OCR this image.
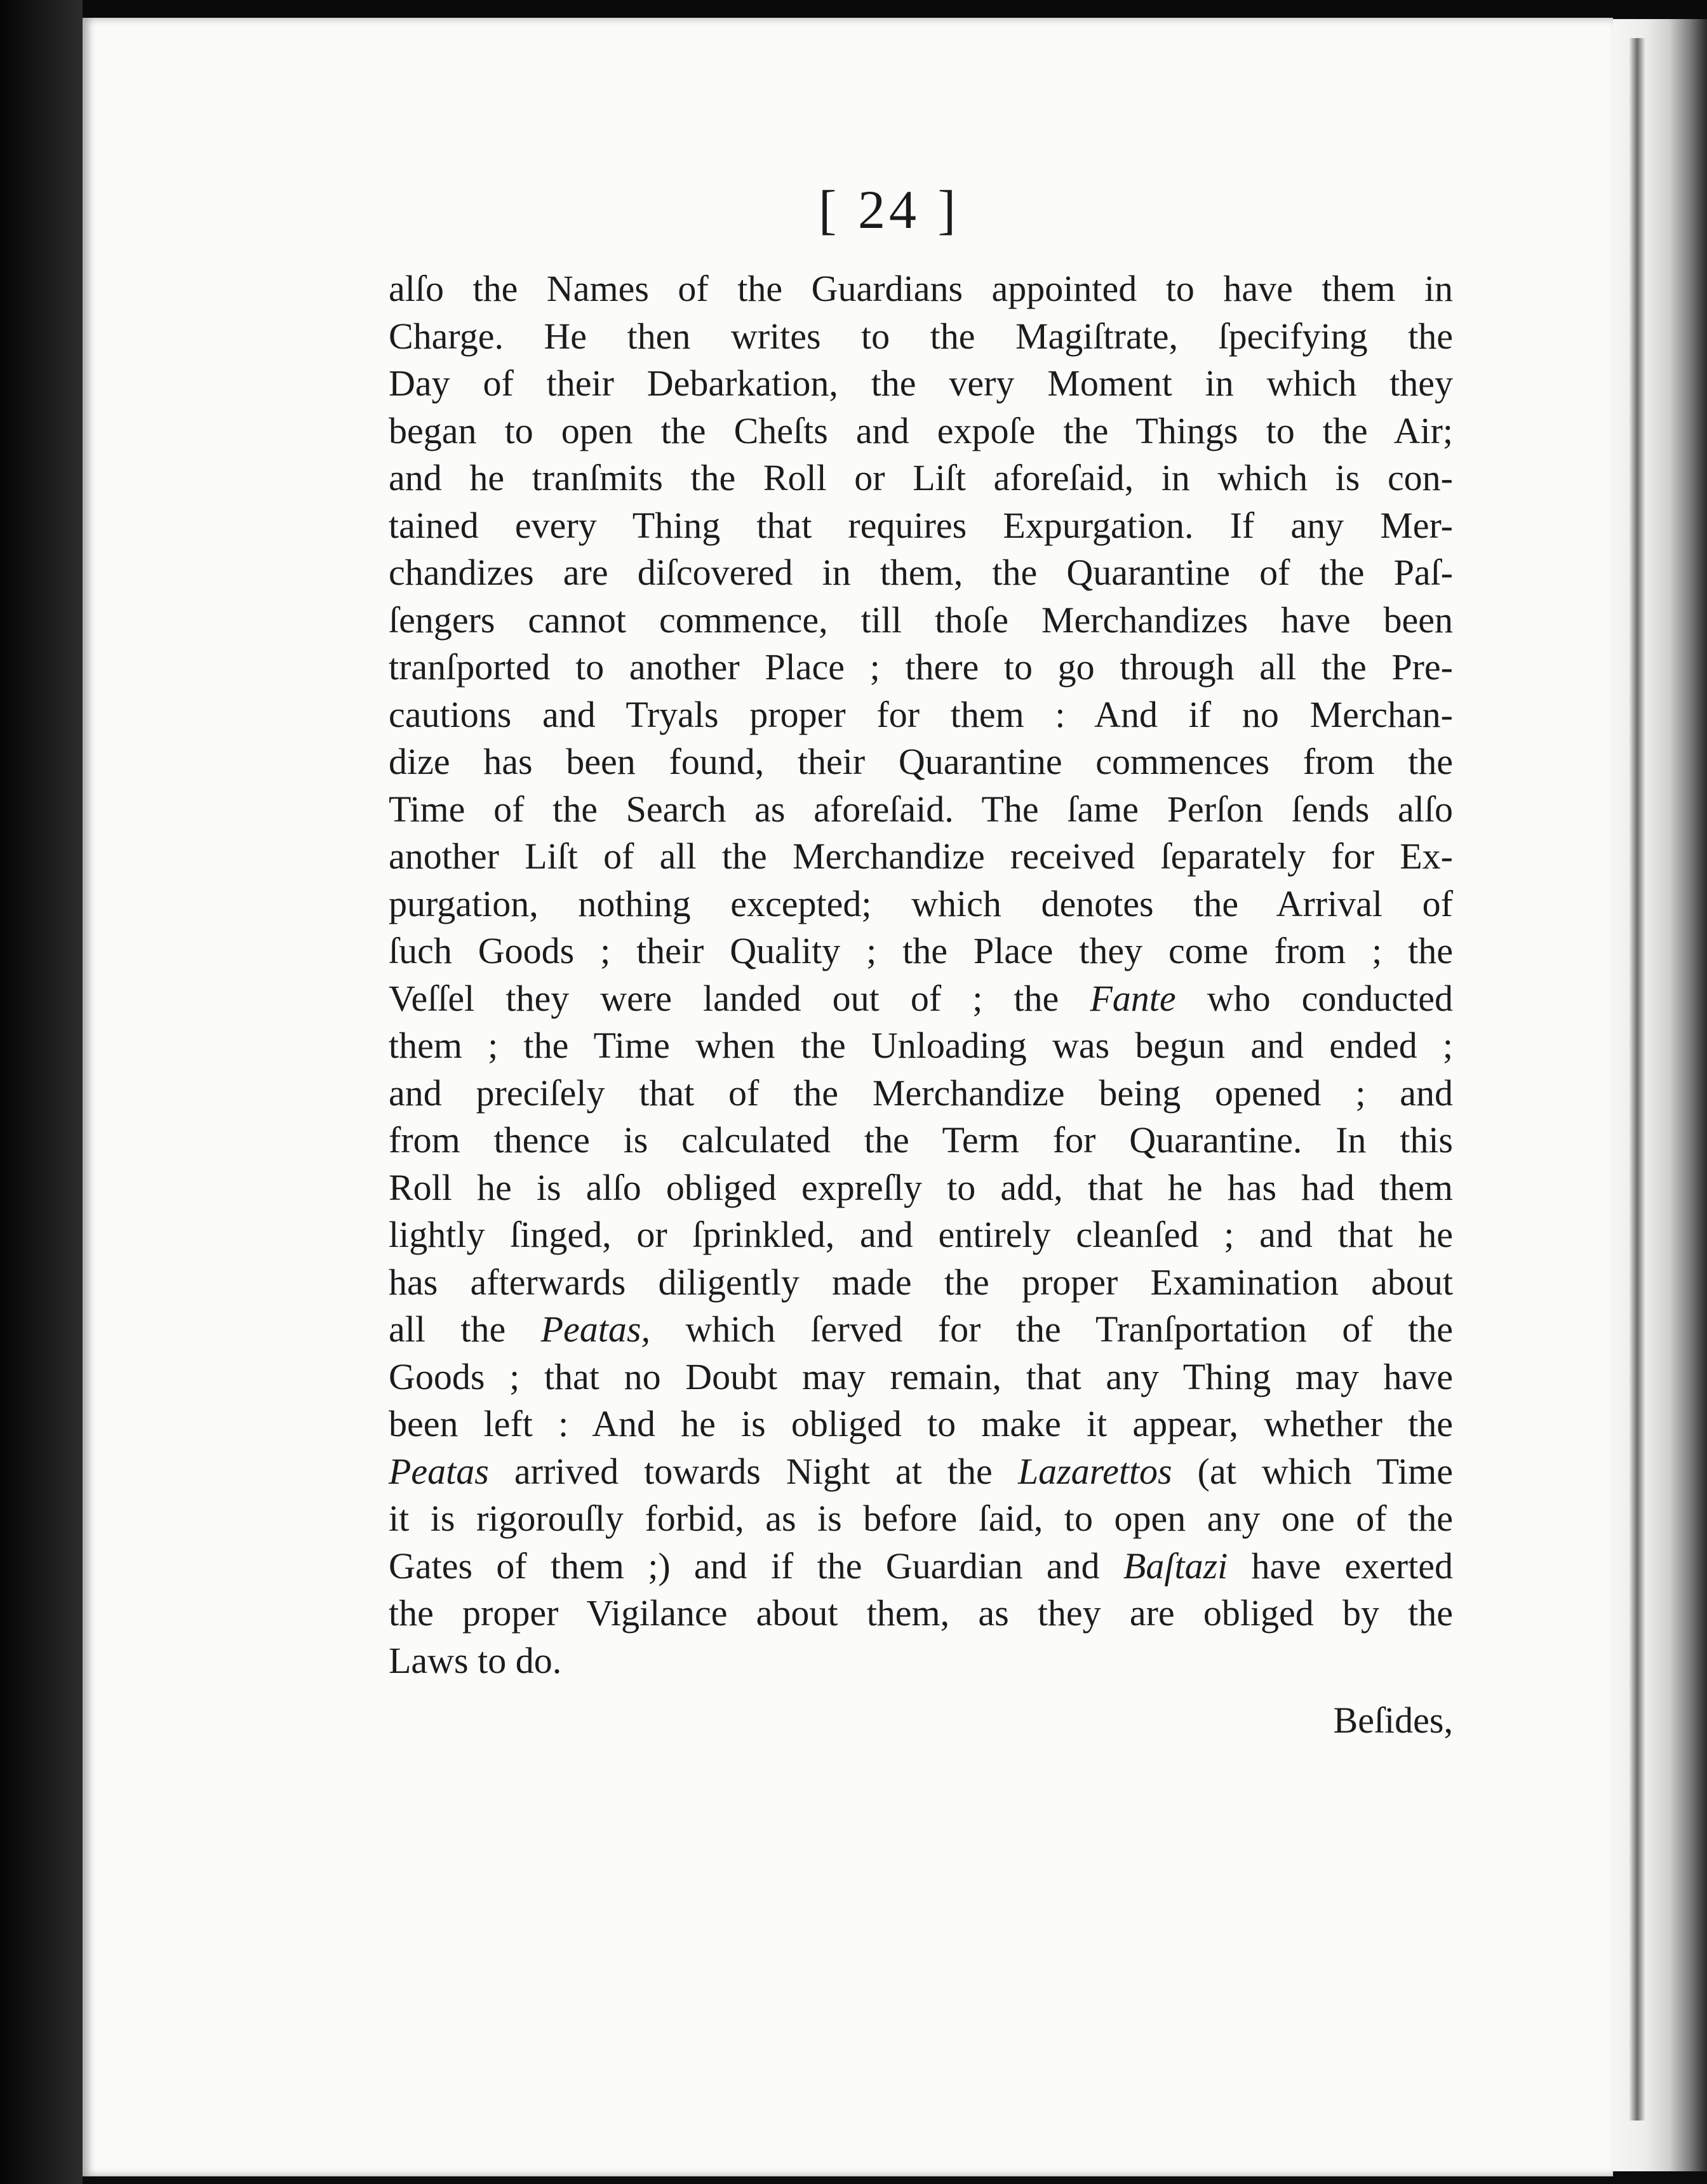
[ 24 ]
alſo the Names of the Guardians appointed to have them in
Charge. He then writes to the Magiſtrate, ſpecifying the
Day of their Debarkation, the very Moment in which they
began to open the Cheſts and expoſe the Things to the Air;
and he tranſmits the Roll or Liſt aforeſaid, in which is con-
tained every Thing that requires Expurgation. If any Mer-
chandizes are diſcovered in them, the Quarantine of the Paſ-
ſengers cannot commence, till thoſe Merchandizes have been
tranſported to another Place ; there to go through all the Pre-
cautions and Tryals proper for them : And if no Merchan-
dize has been found, their Quarantine commences from the
Time of the Search as aforeſaid. The ſame Perſon ſends alſo
another Liſt of all the Merchandize received ſeparately for Ex-
purgation, nothing excepted; which denotes the Arrival of
ſuch Goods ; their Quality ; the Place they come from ; the
Veſſel they were landed out of ; the Fante who conducted
them ; the Time when the Unloading was begun and ended ;
and preciſely that of the Merchandize being opened ; and
from thence is calculated the Term for Quarantine. In this
Roll he is alſo obliged expreſly to add, that he has had them
lightly ſinged, or ſprinkled, and entirely cleanſed ; and that he
has afterwards diligently made the proper Examination about
all the Peatas, which ſerved for the Tranſportation of the
Goods ; that no Doubt may remain, that any Thing may have
been left : And he is obliged to make it appear, whether the
Peatas arrived towards Night at the Lazarettos (at which Time
it is rigorouſly forbid, as is before ſaid, to open any one of the
Gates of them ;) and if the Guardian and Baſtazi have exerted
the proper Vigilance about them, as they are obliged by the
Laws to do.
Beſides,
